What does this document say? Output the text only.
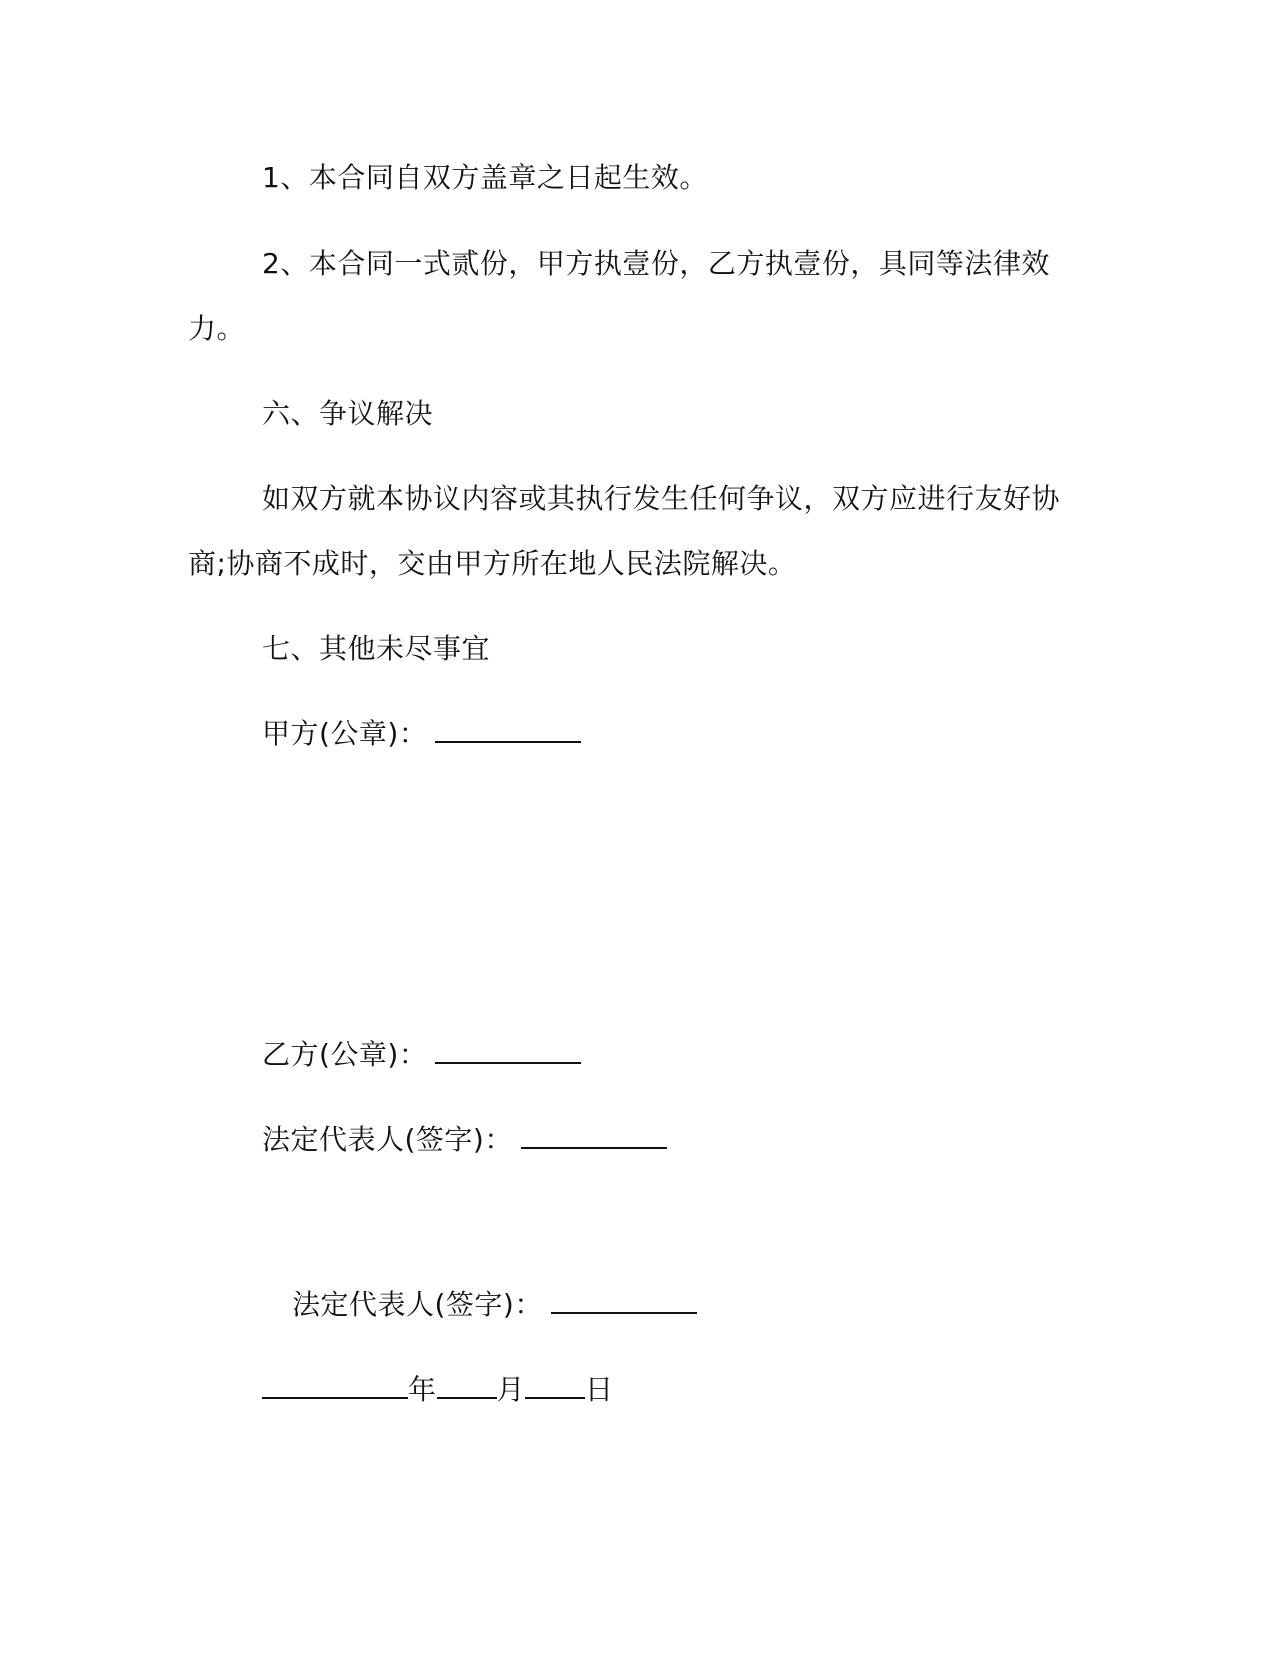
1、本合同自双方盖章之日起生效。
2、本合同一式贰份，甲方执壹份，乙方执壹份，具同等法律效
力。
六、争议解决
如双方就本协议内容或其执行发生任何争议，双方应进行友好协
商;协商不成时，交由甲方所在地人民法院解决。
七、其他未尽事宜
甲方(公章)：
乙方(公章)：
法定代表人(签字)：
法定代表人(签字)：
年 月 日
